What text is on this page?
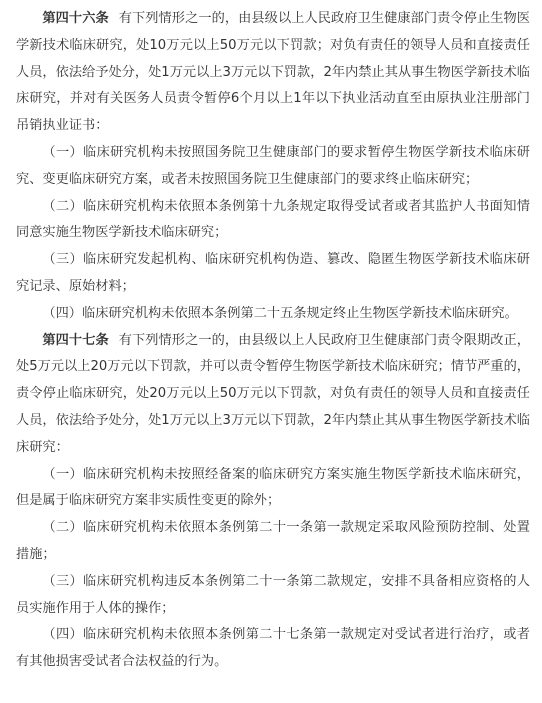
第四十六条 有下列情形之一的，由县级以上人民政府卫生健康部门责令停止生物医学新技术临床研究，处10万元以上50万元以下罚款；对负有责任的领导人员和直接责任人员，依法给予处分，处1万元以上3万元以下罚款，2年内禁止其从事生物医学新技术临床研究，并对有关医务人员责令暂停6个月以上1年以下执业活动直至由原执业注册部门吊销执业证书：

（一）临床研究机构未按照国务院卫生健康部门的要求暂停生物医学新技术临床研究、变更临床研究方案，或者未按照国务院卫生健康部门的要求终止临床研究；

（二）临床研究机构未依照本条例第十九条规定取得受试者或者其监护人书面知情同意实施生物医学新技术临床研究；

（三）临床研究发起机构、临床研究机构伪造、篡改、隐匿生物医学新技术临床研究记录、原始材料；

（四）临床研究机构未依照本条例第二十五条规定终止生物医学新技术临床研究。

第四十七条 有下列情形之一的，由县级以上人民政府卫生健康部门责令限期改正，处5万元以上20万元以下罚款，并可以责令暂停生物医学新技术临床研究；情节严重的，责令停止临床研究，处20万元以上50万元以下罚款，对负有责任的领导人员和直接责任人员，依法给予处分，处1万元以上3万元以下罚款，2年内禁止其从事生物医学新技术临床研究：

（一）临床研究机构未按照经备案的临床研究方案实施生物医学新技术临床研究，但是属于临床研究方案非实质性变更的除外；

（二）临床研究机构未依照本条例第二十一条第一款规定采取风险预防控制、处置措施；

（三）临床研究机构违反本条例第二十一条第二款规定，安排不具备相应资格的人员实施作用于人体的操作；

（四）临床研究机构未依照本条例第二十七条第一款规定对受试者进行治疗，或者有其他损害受试者合法权益的行为。
